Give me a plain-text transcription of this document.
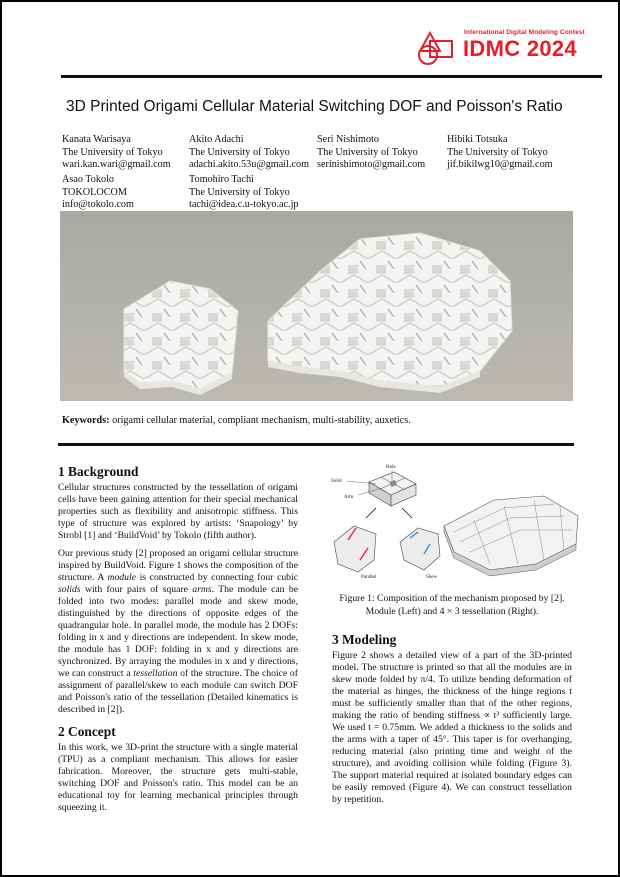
International Digital Modeling Contest
IDMC 2024
3D Printed Origami Cellular Material Switching DOF and Poisson's Ratio
Kanata Warisaya
The University of Tokyo
wari.kan.wari@gmail.com
Akito Adachi
The University of Tokyo
adachi.akito.53u@gmail.com
Seri Nishimoto
The University of Tokyo
serinishimoto@gmail.com
Hibiki Totsuka
The University of Tokyo
jif.bikilwg10@gmail.com
Asao Tokolo
TOKOLOCOM
info@tokolo.com
Tomohiro Tachi
The University of Tokyo
tachi@idea.c.u-tokyo.ac.jp
Keywords: origami cellular material, compliant mechanism, multi-stability, auxetics.
1 Background

Cellular structures constructed by the tessellation of origami cells have been gaining attention for their special mechanical properties such as flexibility and anisotropic stiffness. This type of structure was explored by artists: ‘Snapology’ by Strobl [1] and ‘BuildVoid’ by Tokolo (fifth author).

Our previous study [2] proposed an origami cellular structure inspired by BuildVoid. Figure 1 shows the composition of the structure. A module is constructed by connecting four cubic solids with four pairs of square arms. The module can be folded into two modes: parallel mode and skew mode, distinguished by the directions of opposite edges of the quadrangular hole. In parallel mode, the module has 2 DOFs: folding in x and y directions are independent. In skew mode, the module has 1 DOF: folding in x and y directions are synchronized. By arraying the modules in x and y directions, we can construct a tessellation of the structure. The choice of assignment of parallel/skew to each module can switch DOF and Poisson's ratio of the tessellation (Detailed kinematics is described in [2]).

2 Concept

In this work, we 3D-print the structure with a single material (TPU) as a compliant mechanism. This allows for easier fabrication. Moreover, the structure gets multi-stable, switching DOF and Poisson's ratio. This model can be an educational toy for learning mechanical principles through squeezing it.

Hole
Solid
Arm
Parallel	Skew
Figure 1: Composition of the mechanism proposed by [2].
Module (Left) and 4 × 3 tessellation (Right).
3 Modeling

Figure 2 shows a detailed view of a part of the 3D-printed model. The structure is printed so that all the modules are in skew mode folded by π/4. To utilize bending deformation of the material as hinges, the thickness of the hinge regions t must be sufficiently smaller than that of the other regions, making the ratio of bending stiffness ∝ t³ sufficiently large. We used t = 0.75mm. We added a thickness to the solids and the arms with a taper of 45°. This taper is for overhanging, reducing material (also printing time and weight of the structure), and avoiding collision while folding (Figure 3). The support material required at isolated boundary edges can be easily removed (Figure 4). We can construct tessellation by repetition.
